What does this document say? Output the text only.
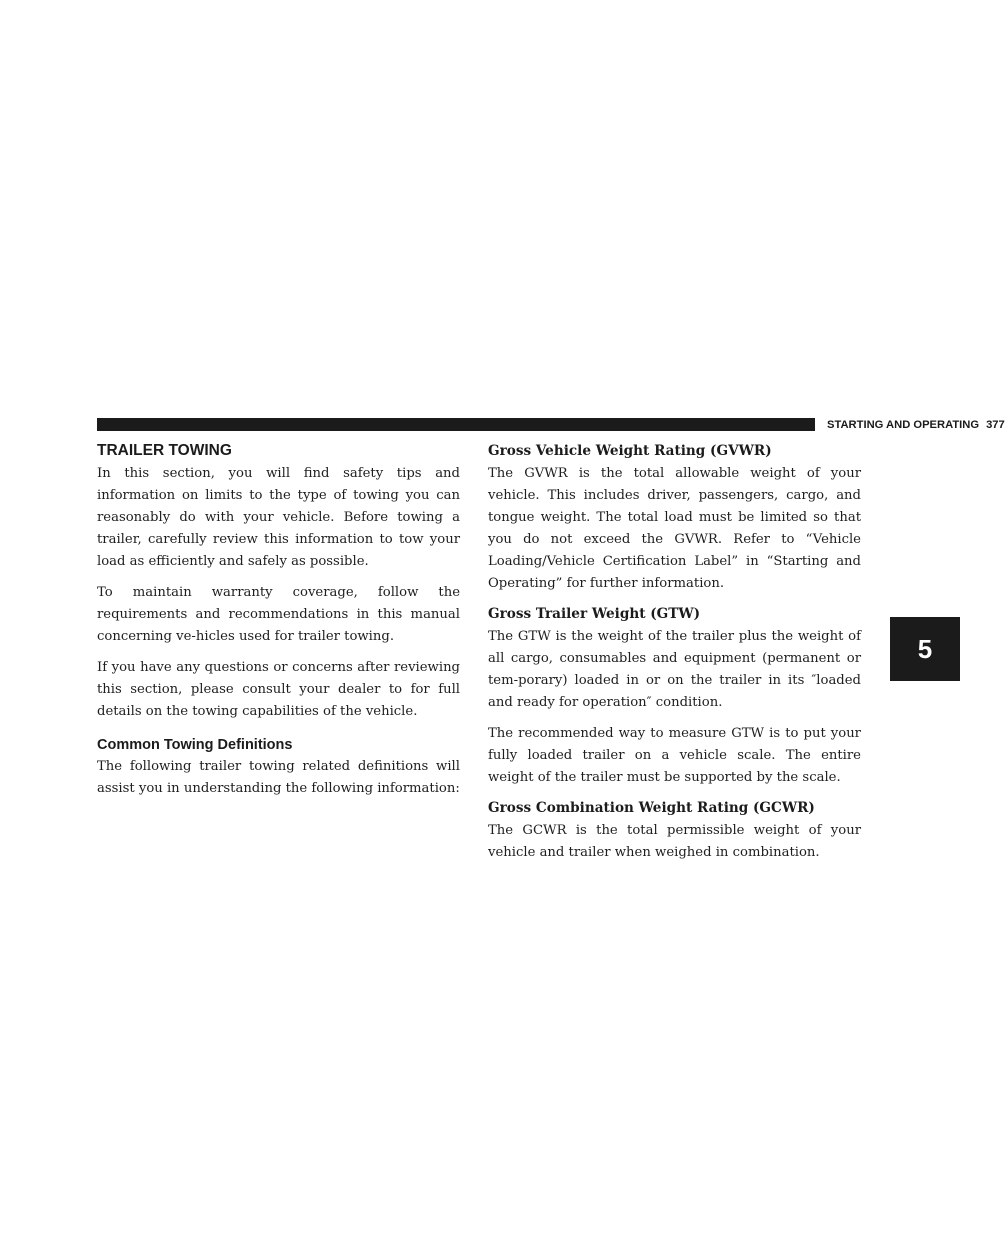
STARTING AND OPERATING 377
5
TRAILER TOWING

In this section, you will find safety tips and information on limits to the type of towing you can reasonably do with your vehicle. Before towing a trailer, carefully review this information to tow your load as efficiently and safely as possible.

To maintain warranty coverage, follow the requirements and recommendations in this manual concerning ve-hicles used for trailer towing.

If you have any questions or concerns after reviewing this section, please consult your dealer to for full details on the towing capabilities of the vehicle.

Common Towing Definitions

The following trailer towing related definitions will assist you in understanding the following information:

Gross Vehicle Weight Rating (GVWR)

The GVWR is the total allowable weight of your vehicle. This includes driver, passengers, cargo, and tongue weight. The total load must be limited so that you do not exceed the GVWR. Refer to “Vehicle Loading/Vehicle Certification Label” in “Starting and Operating” for further information.

Gross Trailer Weight (GTW)

The GTW is the weight of the trailer plus the weight of all cargo, consumables and equipment (permanent or tem-porary) loaded in or on the trailer in its ″loaded and ready for operation″ condition.

The recommended way to measure GTW is to put your fully loaded trailer on a vehicle scale. The entire weight of the trailer must be supported by the scale.

Gross Combination Weight Rating (GCWR)

The GCWR is the total permissible weight of your vehicle and trailer when weighed in combination.
